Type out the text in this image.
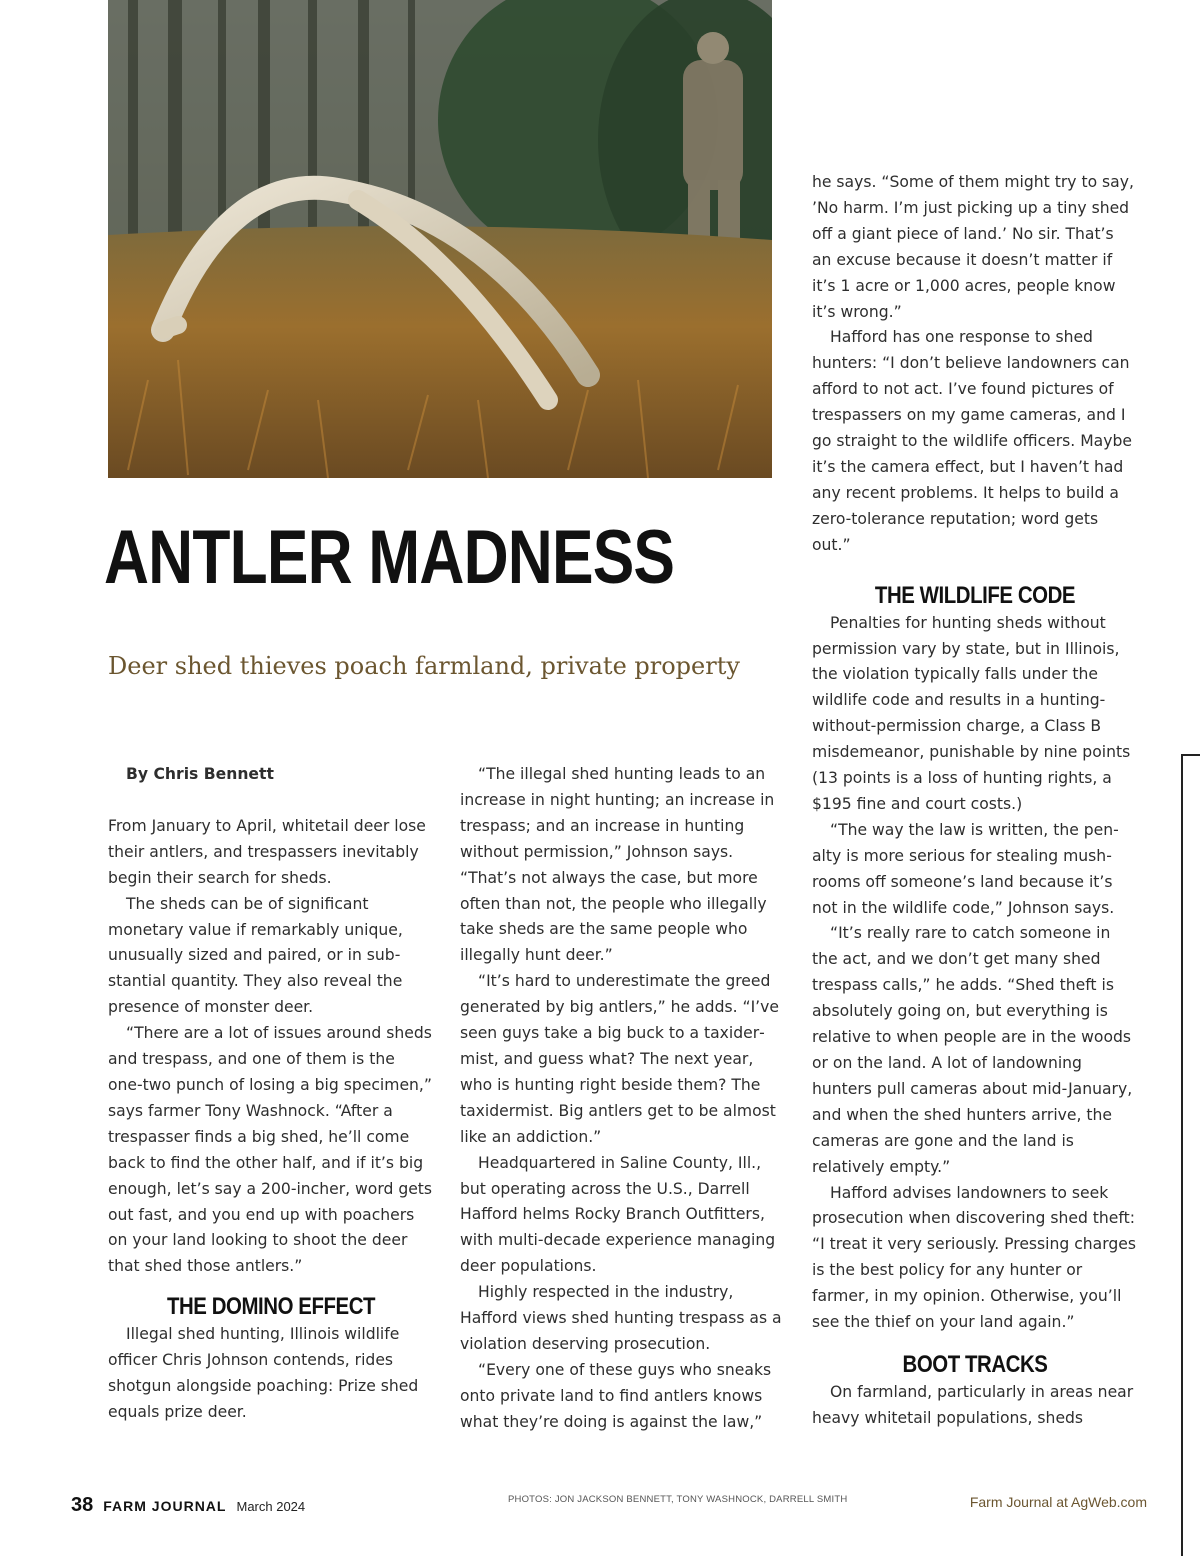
ANTLER MADNESS
Deer shed thieves poach farmland, private property

By Chris Bennett

From January to April, whitetail deer lose their antlers, and trespassers inevitably begin their search for sheds.

The sheds can be of significant monetary value if remarkably unique, unusually sized and paired, or in substantial quantity. They also reveal the presence of monster deer.

“There are a lot of issues around sheds and trespass, and one of them is the one-two punch of losing a big specimen,” says farmer Tony Washnock. “After a trespasser finds a big shed, he’ll come back to find the other half, and if it’s big enough, let’s say a 200-incher, word gets out fast, and you end up with poachers on your land looking to shoot the deer that shed those antlers.”

THE DOMINO EFFECT

Illegal shed hunting, Illinois wildlife officer Chris Johnson contends, rides shotgun alongside poaching: Prize shed equals prize deer.

“The illegal shed hunting leads to an increase in night hunting; an increase in trespass; and an increase in hunting without permission,” Johnson says. “That’s not always the case, but more often than not, the people who illegally take sheds are the same people who illegally hunt deer.”

“It’s hard to underestimate the greed generated by big antlers,” he adds. “I’ve seen guys take a big buck to a taxidermist, and guess what? The next year, who is hunting right beside them? The taxidermist. Big antlers get to be almost like an addiction.”

Headquartered in Saline County, Ill., but operating across the U.S., Darrell Hafford helms Rocky Branch Outfitters, with multi-decade experience managing deer populations.

Highly respected in the industry, Hafford views shed hunting trespass as a violation deserving prosecution.

“Every one of these guys who sneaks onto private land to find antlers knows what they’re doing is against the law,”

he says. “Some of them might try to say, ’No harm. I’m just picking up a tiny shed off a giant piece of land.’ No sir. That’s an excuse because it doesn’t matter if it’s 1 acre or 1,000 acres, people know it’s wrong.”

Hafford has one response to shed hunters: “I don’t believe landowners can afford to not act. I’ve found pictures of trespassers on my game cameras, and I go straight to the wildlife officers. Maybe it’s the camera effect, but I haven’t had any recent problems. It helps to build a zero-tolerance reputation; word gets out.”

THE WILDLIFE CODE

Penalties for hunting sheds without permission vary by state, but in Illinois, the violation typically falls under the wildlife code and results in a hunting-without-permission charge, a Class B misdemeanor, punishable by nine points (13 points is a loss of hunting rights, a $195 fine and court costs.)

“The way the law is written, the penalty is more serious for stealing mushrooms off someone’s land because it’s not in the wildlife code,” Johnson says.

“It’s really rare to catch someone in the act, and we don’t get many shed trespass calls,” he adds. “Shed theft is absolutely going on, but everything is relative to when people are in the woods or on the land. A lot of landowning hunters pull cameras about mid-January, and when the shed hunters arrive, the cameras are gone and the land is relatively empty.”

Hafford advises landowners to seek prosecution when discovering shed theft: “I treat it very seriously. Pressing charges is the best policy for any hunter or farmer, in my opinion. Otherwise, you’ll see the thief on your land again.”

BOOT TRACKS

On farmland, particularly in areas near heavy whitetail populations, sheds

38 FARM JOURNAL March 2024	PHOTOS: JON JACKSON BENNETT, TONY WASHNOCK, DARRELL SMITH	Farm Journal at AgWeb.com
